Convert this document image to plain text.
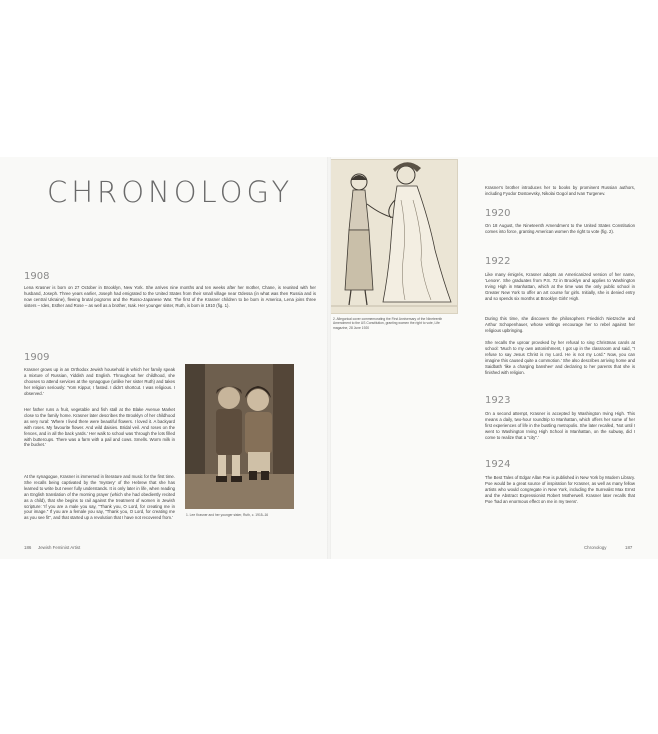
CHRONOLOGY
1908
Lena Krasner is born on 27 October in Brooklyn, New York. She arrives nine months and ten weeks after her mother, Chane, is reunited with her husband, Joseph. Three years earlier, Joseph had emigrated to the United States from their small village near Odessa (in what was then Russia and is now central Ukraine), fleeing brutal pogroms and the Russo-Japanese War. The first of the Krasner children to be born in America, Lena joins three sisters – Ides, Esther and Rose – as well as a brother, Isak. Her younger sister, Ruth, is born in 1910 (fig. 1).
1909
Krasner grows up in an Orthodox Jewish household in which her family speak a mixture of Russian, Yiddish and English. Throughout her childhood, she chooses to attend services at the synagogue (unlike her sister Ruth) and takes her religion seriously: 'Yom Kippur, I fasted. I didn't shortcut. I was religious. I observed.'
Her father runs a fruit, vegetable and fish stall at the Blake Avenue Market close to the family home. Krasner later describes the Brooklyn of her childhood as very rural: 'Where I lived there were beautiful flowers. I loved it. A backyard with roses. My favourite flower. And wild daisies. Bridal veil. And roses on the fences, and in all the back yards.' Her walk to school was 'through the lots filled with buttercups. There was a farm with a pail and cows. Smells. Worm milk in the bucket.'
At the synagogue, Krasner is immersed in literature and music for the first time. She recalls being captivated by the 'mystery' of the Hebrew that she has learned to write but never fully understands. It is only later in life, when reading an English translation of the morning prayer (which she had obediently recited as a child), that she begins to rail against the treatment of women in Jewish scripture: 'If you are a male you say, "Thank you, O Lord, for creating me in your image." If you are a female you say, "Thank you, O Lord, for creating me as you see fit", and that started up a revolution that I have not recovered from.'
1. Lee Krasner and her younger sister, Ruth, c. 1915–16
186 Jewish Feminist Artist
2. Allegorical cover commemorating the First Anniversary of the Nineteenth Amendment to the US Constitution, granting women the right to vote, Life magazine, 28 June 1920
Krasner's brother introduces her to books by prominent Russian authors, including Fyodor Dostoevsky, Nikolai Gogol and Ivan Turgenev.
1920
On 18 August, the Nineteenth Amendment to the United States Constitution comes into force, granting American women the right to vote (fig. 2).
1922
Like many émigrés, Krasner adopts an Americanized version of her name, 'Lenore'. She graduates from P.S. 72 in Brooklyn and applies to Washington Irving High in Manhattan, which at the time was the only public school in Greater New York to offer an art course for girls. Initially, she is denied entry and so spends six months at Brooklyn Girls' High.
During this time, she discovers the philosophers Friedrich Nietzsche and Arthur Schopenhauer, whose writings encourage her to rebel against her religious upbringing.
She recalls the uproar provoked by her refusal to sing Christmas carols at school: 'Much to my own astonishment, I got up in the classroom and said, "I refuse to say Jesus Christ is my Lord. He is not my Lord." Now, you can imagine this caused quite a commotion.' She also describes arriving home and Saidbath 'like a charging banshee' and declaring to her parents that she is finished with religion.
1923
On a second attempt, Krasner is accepted by Washington Irving High. This means a daily, two-hour roundtrip to Manhattan, which offers her some of her first experiences of life in the bustling metropolis. She later recalled, 'Not until I went to Washington Irving High School in Manhattan, on the subway, did I come to realize that a "city".'
1924
The Best Tales of Edgar Allan Poe is published in New York by Modern Library. Poe would be a great source of inspiration for Krasner, as well as many fellow artists who would congregate in New York, including the Surrealist Max Ernst and the Abstract Expressionist Robert Motherwell. Krasner later recalls that Poe 'had an enormous effect on me in my teens'.
Chronology	187
